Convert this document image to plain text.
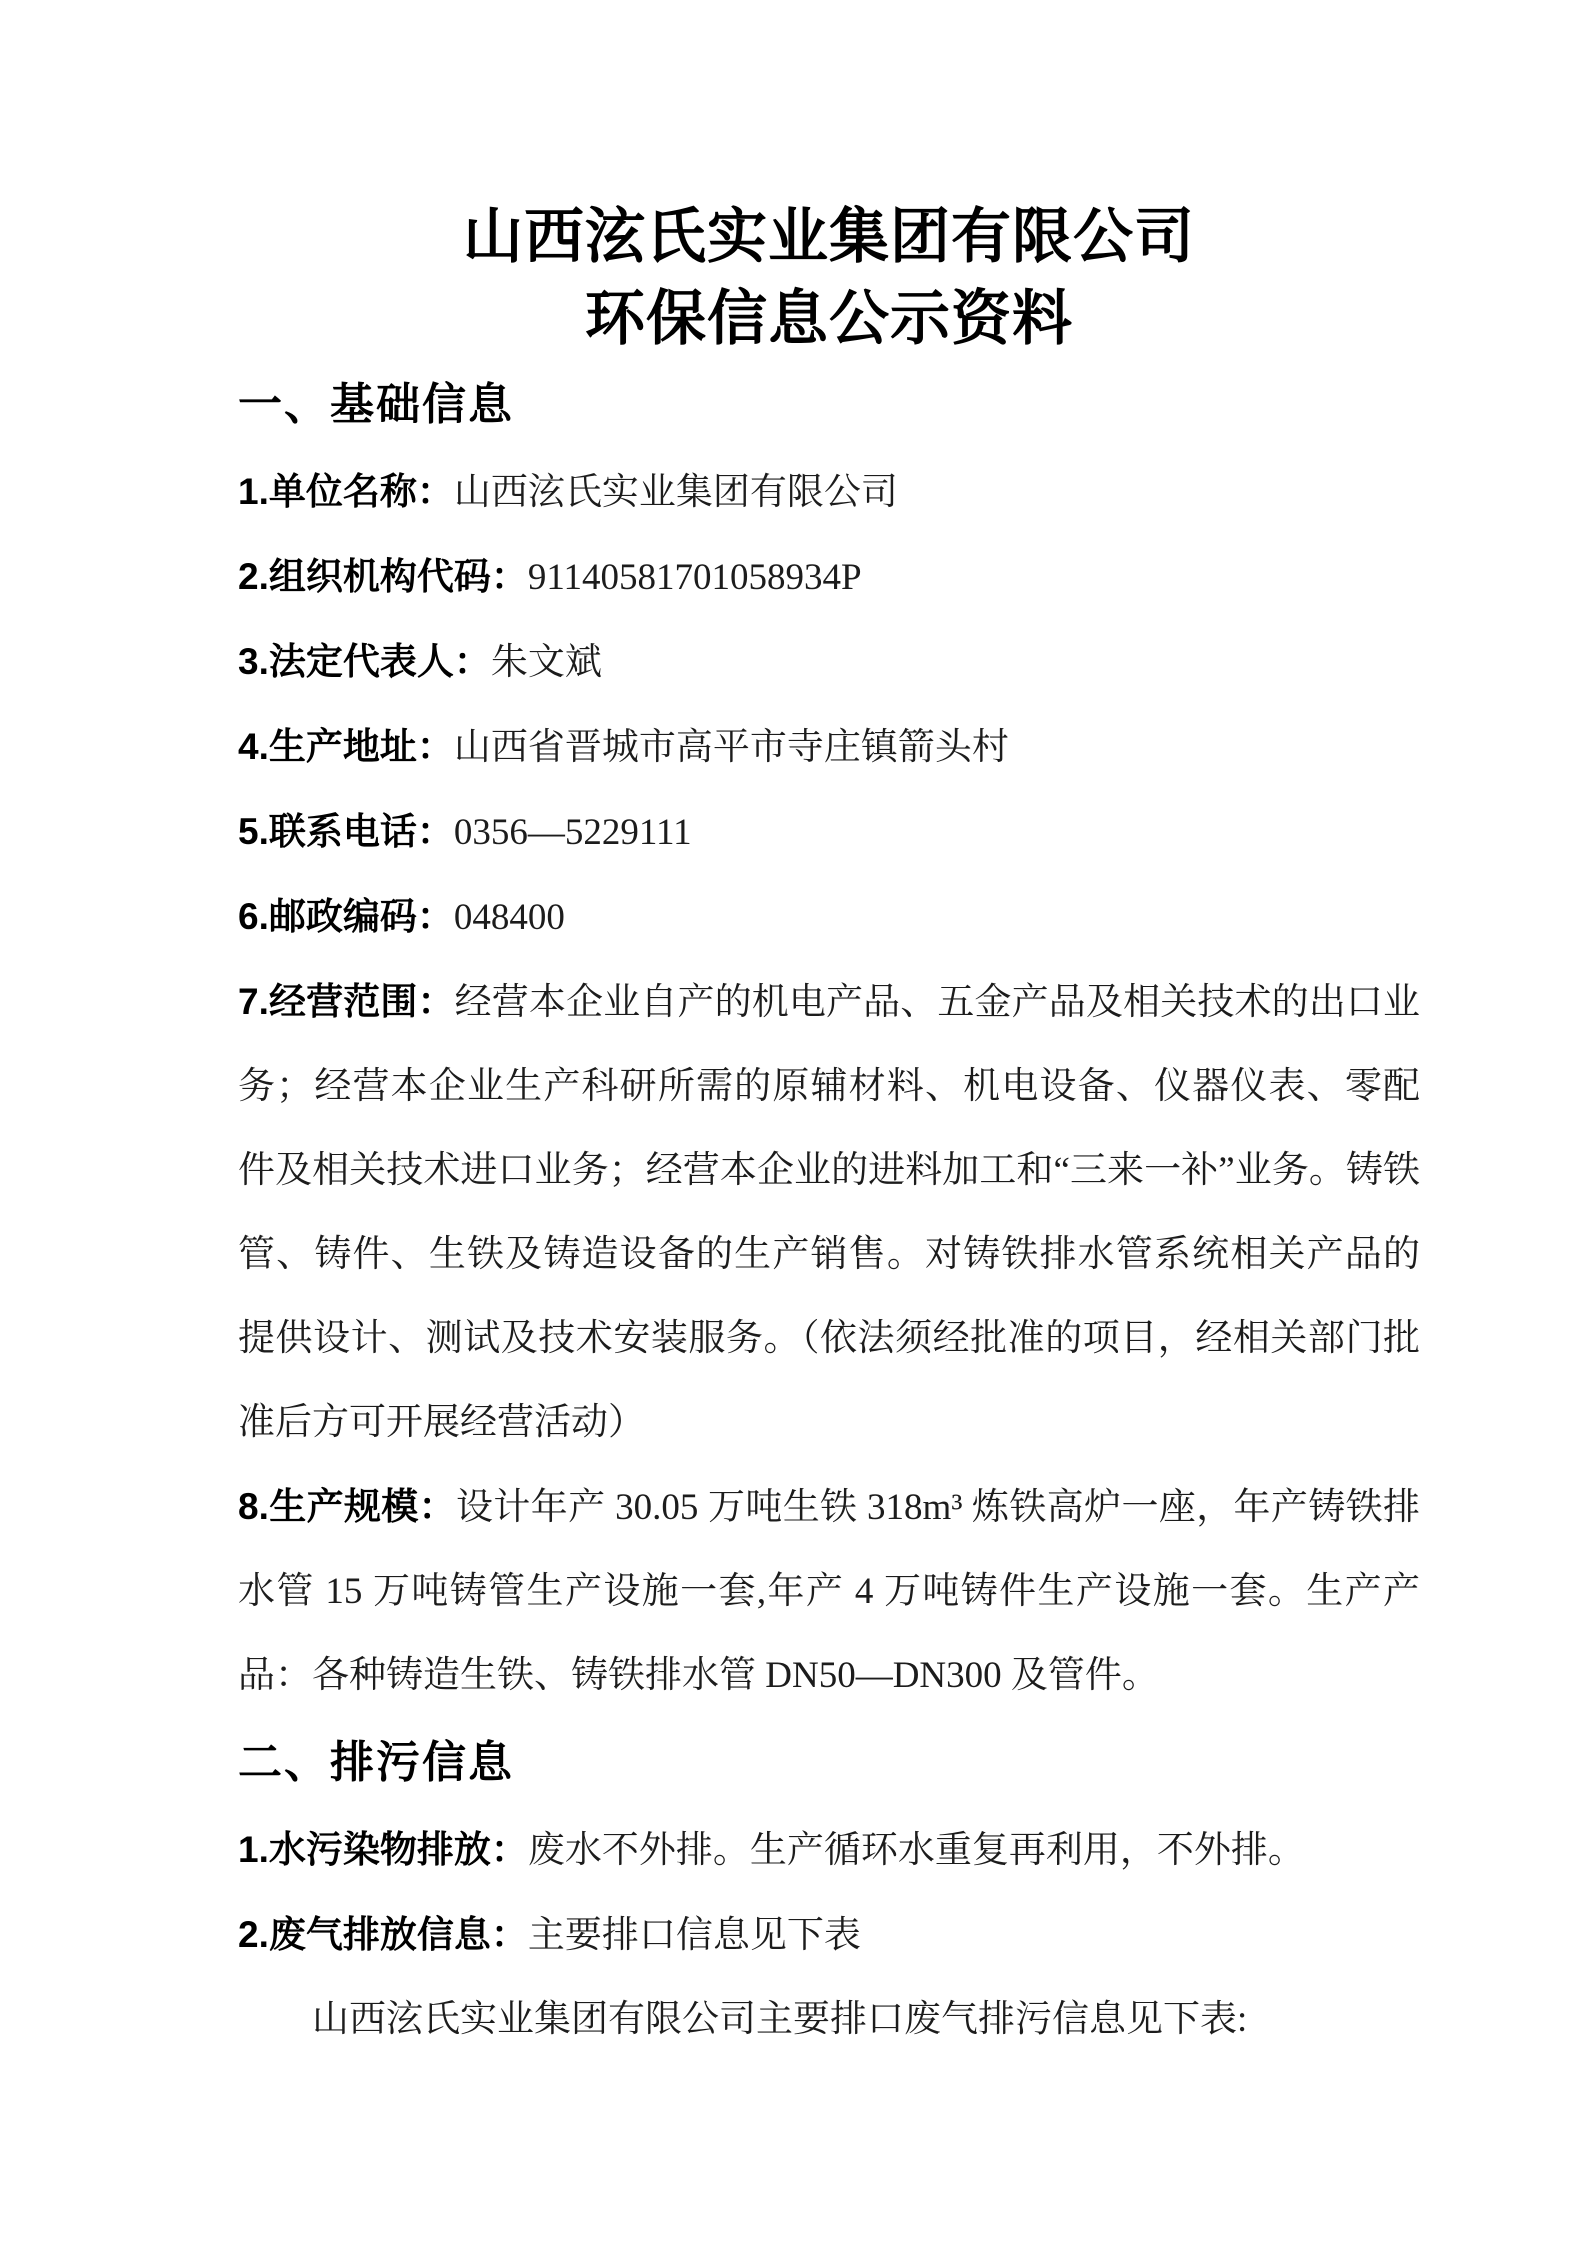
山西泫氏实业集团有限公司
环保信息公示资料
一、基础信息

1.单位名称：山西泫氏实业集团有限公司

2.组织机构代码：91140581701058934P

3.法定代表人：朱文斌

4.生产地址：山西省晋城市高平市寺庄镇箭头村

5.联系电话：0356—5229111

6.邮政编码：048400

7.经营范围：经营本企业自产的机电产品、五金产品及相关技术的出口业务；经营本企业生产科研所需的原辅材料、机电设备、仪器仪表、零配件及相关技术进口业务；经营本企业的进料加工和“三来一补”业务。铸铁管、铸件、生铁及铸造设备的生产销售。对铸铁排水管系统相关产品的提供设计、测试及技术安装服务。（依法须经批准的项目，经相关部门批准后方可开展经营活动）

8.生产规模：设计年产 30.05 万吨生铁 318m³ 炼铁高炉一座，年产铸铁排水管 15 万吨铸管生产设施一套,年产 4 万吨铸件生产设施一套。生产产品：各种铸造生铁、铸铁排水管 DN50—DN300 及管件。

二、排污信息

1.水污染物排放：废水不外排。生产循环水重复再利用，不外排。

2.废气排放信息：主要排口信息见下表

山西泫氏实业集团有限公司主要排口废气排污信息见下表:
